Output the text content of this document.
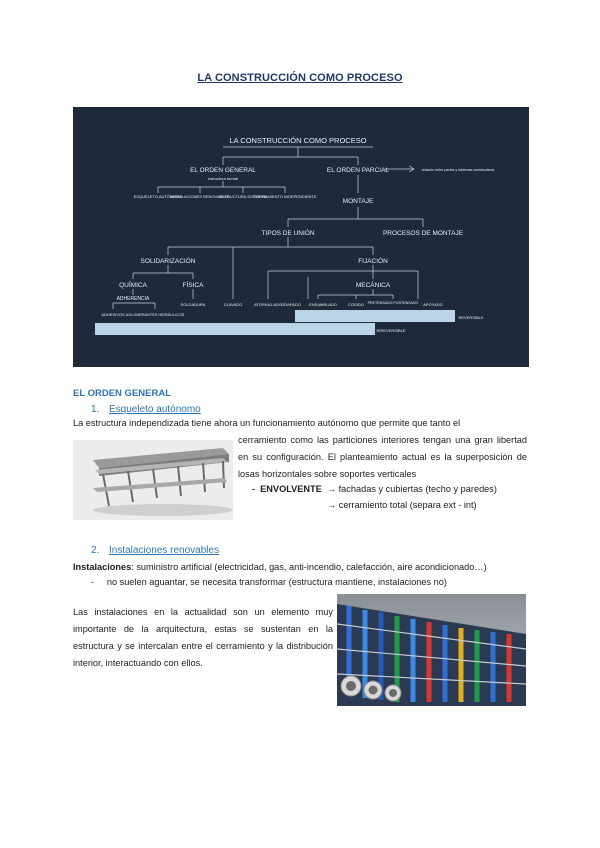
LA CONSTRUCCIÓN COMO PROCESO
LA CONSTRUCCIÓN COMO PROCESO
EL ORDEN GENERAL
estructura formal
EL ORDEN PARCIAL	relación entre partes y sistemas constructivos
ESQUELETO AUTÓNOMO
INSTALACIONES RENOVABLES
ESTRUCTURA SOPORTE
CERRAMIENTO INDEPENDIENTE
MONTAJE
TIPOS DE UNIÓN	PROCESOS DE MONTAJE
SOLIDARIZACIÓN	FIJACIÓN
QUÍMICA	FÍSICA	MECÁNICA
ADHERENCIA
ADHESIVOS AGLOMERANTES HIDRÁULICOS
SOLDADURA	CLAVADO	ATORNILLADO GRAPADO ENSAMBLADO	COSIDO PRETENSADO POSTENSADO APOYADO
REVERSIBLE
IRREVERSIBLE
EL ORDEN GENERAL
1. Esqueleto autónomo
La estructura independizada tiene ahora un funcionamiento autónomo que permite que tanto el
cerramiento como las particiones interiores tengan una gran libertad en su configuración. El planteamiento actual es la superposición de losas horizontales sobre soportes verticales
- ENVOLVENTE → fachadas y cubiertas (techo y paredes)
→ cerramiento total (separa ext - int)
2. Instalaciones renovables
Instalaciones: suministro artificial (electricidad, gas, anti-incendio, calefacción, aire acondicionado…)
- no suelen aguantar, se necesita transformar (estructura mantiene, instalaciones no)
Las instalaciones en la actualidad son un elemento muy importante de la arquitectura, estas se sustentan en la estructura y se intercalan entre el cerramiento y la distribución interior, interactuando con ellos.
